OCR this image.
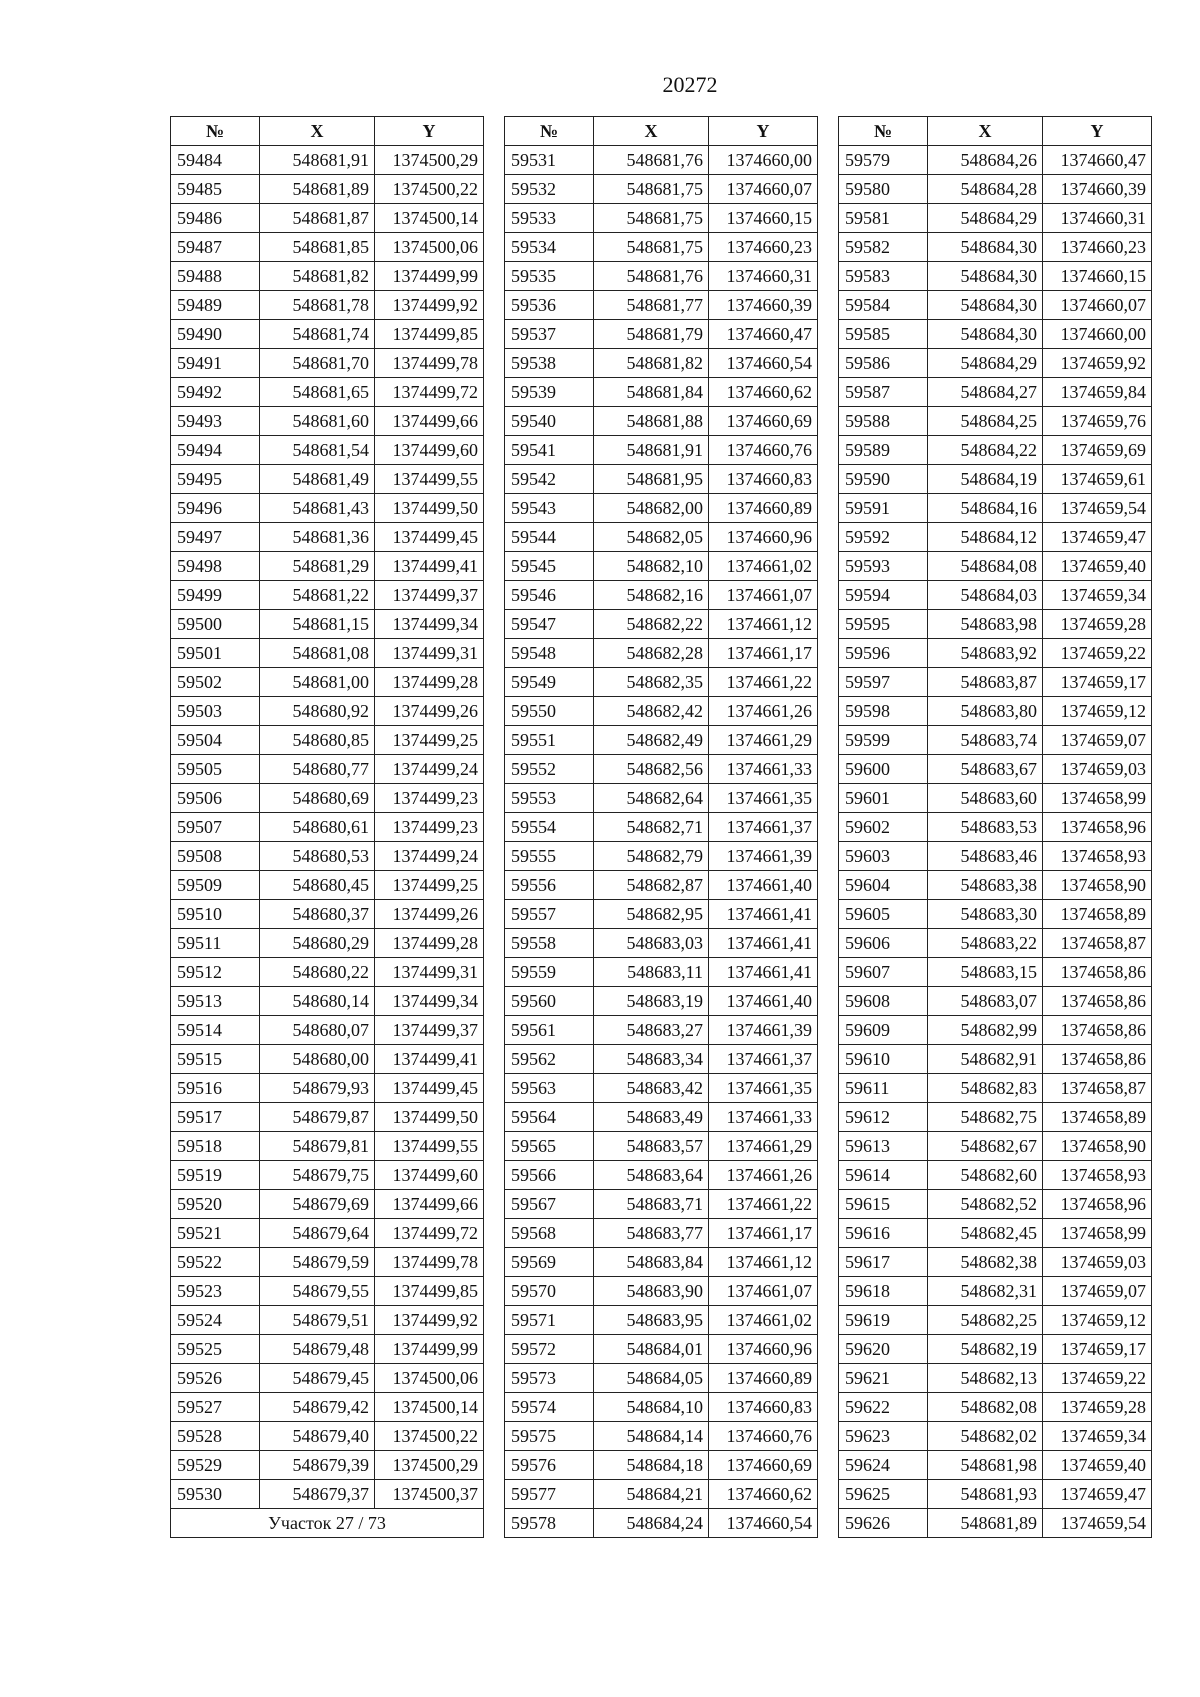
20272
№	X	Y
59484	548681,91	1374500,29
59485	548681,89	1374500,22
59486	548681,87	1374500,14
59487	548681,85	1374500,06
59488	548681,82	1374499,99
59489	548681,78	1374499,92
59490	548681,74	1374499,85
59491	548681,70	1374499,78
59492	548681,65	1374499,72
59493	548681,60	1374499,66
59494	548681,54	1374499,60
59495	548681,49	1374499,55
59496	548681,43	1374499,50
59497	548681,36	1374499,45
59498	548681,29	1374499,41
59499	548681,22	1374499,37
59500	548681,15	1374499,34
59501	548681,08	1374499,31
59502	548681,00	1374499,28
59503	548680,92	1374499,26
59504	548680,85	1374499,25
59505	548680,77	1374499,24
59506	548680,69	1374499,23
59507	548680,61	1374499,23
59508	548680,53	1374499,24
59509	548680,45	1374499,25
59510	548680,37	1374499,26
59511	548680,29	1374499,28
59512	548680,22	1374499,31
59513	548680,14	1374499,34
59514	548680,07	1374499,37
59515	548680,00	1374499,41
59516	548679,93	1374499,45
59517	548679,87	1374499,50
59518	548679,81	1374499,55
59519	548679,75	1374499,60
59520	548679,69	1374499,66
59521	548679,64	1374499,72
59522	548679,59	1374499,78
59523	548679,55	1374499,85
59524	548679,51	1374499,92
59525	548679,48	1374499,99
59526	548679,45	1374500,06
59527	548679,42	1374500,14
59528	548679,40	1374500,22
59529	548679,39	1374500,29
59530	548679,37	1374500,37
Участок 27 / 73		
№	X	Y
59531	548681,76	1374660,00
59532	548681,75	1374660,07
59533	548681,75	1374660,15
59534	548681,75	1374660,23
59535	548681,76	1374660,31
59536	548681,77	1374660,39
59537	548681,79	1374660,47
59538	548681,82	1374660,54
59539	548681,84	1374660,62
59540	548681,88	1374660,69
59541	548681,91	1374660,76
59542	548681,95	1374660,83
59543	548682,00	1374660,89
59544	548682,05	1374660,96
59545	548682,10	1374661,02
59546	548682,16	1374661,07
59547	548682,22	1374661,12
59548	548682,28	1374661,17
59549	548682,35	1374661,22
59550	548682,42	1374661,26
59551	548682,49	1374661,29
59552	548682,56	1374661,33
59553	548682,64	1374661,35
59554	548682,71	1374661,37
59555	548682,79	1374661,39
59556	548682,87	1374661,40
59557	548682,95	1374661,41
59558	548683,03	1374661,41
59559	548683,11	1374661,41
59560	548683,19	1374661,40
59561	548683,27	1374661,39
59562	548683,34	1374661,37
59563	548683,42	1374661,35
59564	548683,49	1374661,33
59565	548683,57	1374661,29
59566	548683,64	1374661,26
59567	548683,71	1374661,22
59568	548683,77	1374661,17
59569	548683,84	1374661,12
59570	548683,90	1374661,07
59571	548683,95	1374661,02
59572	548684,01	1374660,96
59573	548684,05	1374660,89
59574	548684,10	1374660,83
59575	548684,14	1374660,76
59576	548684,18	1374660,69
59577	548684,21	1374660,62
59578	548684,24	1374660,54
№	X	Y
59579	548684,26	1374660,47
59580	548684,28	1374660,39
59581	548684,29	1374660,31
59582	548684,30	1374660,23
59583	548684,30	1374660,15
59584	548684,30	1374660,07
59585	548684,30	1374660,00
59586	548684,29	1374659,92
59587	548684,27	1374659,84
59588	548684,25	1374659,76
59589	548684,22	1374659,69
59590	548684,19	1374659,61
59591	548684,16	1374659,54
59592	548684,12	1374659,47
59593	548684,08	1374659,40
59594	548684,03	1374659,34
59595	548683,98	1374659,28
59596	548683,92	1374659,22
59597	548683,87	1374659,17
59598	548683,80	1374659,12
59599	548683,74	1374659,07
59600	548683,67	1374659,03
59601	548683,60	1374658,99
59602	548683,53	1374658,96
59603	548683,46	1374658,93
59604	548683,38	1374658,90
59605	548683,30	1374658,89
59606	548683,22	1374658,87
59607	548683,15	1374658,86
59608	548683,07	1374658,86
59609	548682,99	1374658,86
59610	548682,91	1374658,86
59611	548682,83	1374658,87
59612	548682,75	1374658,89
59613	548682,67	1374658,90
59614	548682,60	1374658,93
59615	548682,52	1374658,96
59616	548682,45	1374658,99
59617	548682,38	1374659,03
59618	548682,31	1374659,07
59619	548682,25	1374659,12
59620	548682,19	1374659,17
59621	548682,13	1374659,22
59622	548682,08	1374659,28
59623	548682,02	1374659,34
59624	548681,98	1374659,40
59625	548681,93	1374659,47
59626	548681,89	1374659,54
